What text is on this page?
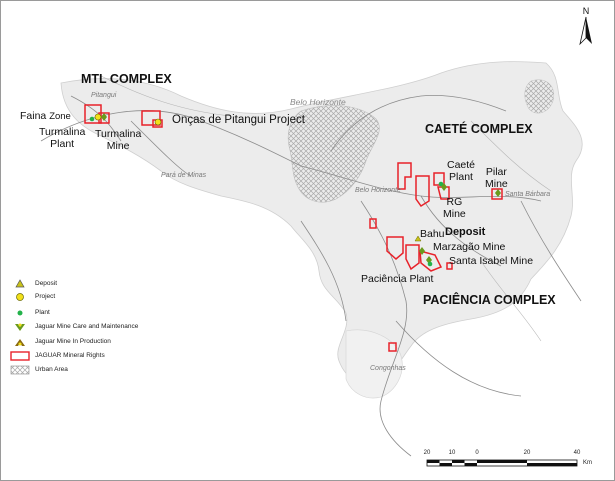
MTL COMPLEX
CAETÉ COMPLEX
PACIÊNCIA COMPLEX
Faina Zone
Turmalina
Plant
Turmalina
Mine
Onças de Pitangui Project
Caeté
Plant Pilar
Mine
RG
Mine
Bahu Deposit
Marzagão Mine
Santa Isabel Mine
Paciência Plant
Belo Horizonte
Belo Horizonte
Pitangui
Pará de Minas
Santa Bárbara
Congonhas
Deposit
Project
Plant
Jaguar Mine Care and Maintenance
Jaguar Mine In Production
JAGUAR Mineral Rights
Urban Area
N
20	10	0	20	40
Km
